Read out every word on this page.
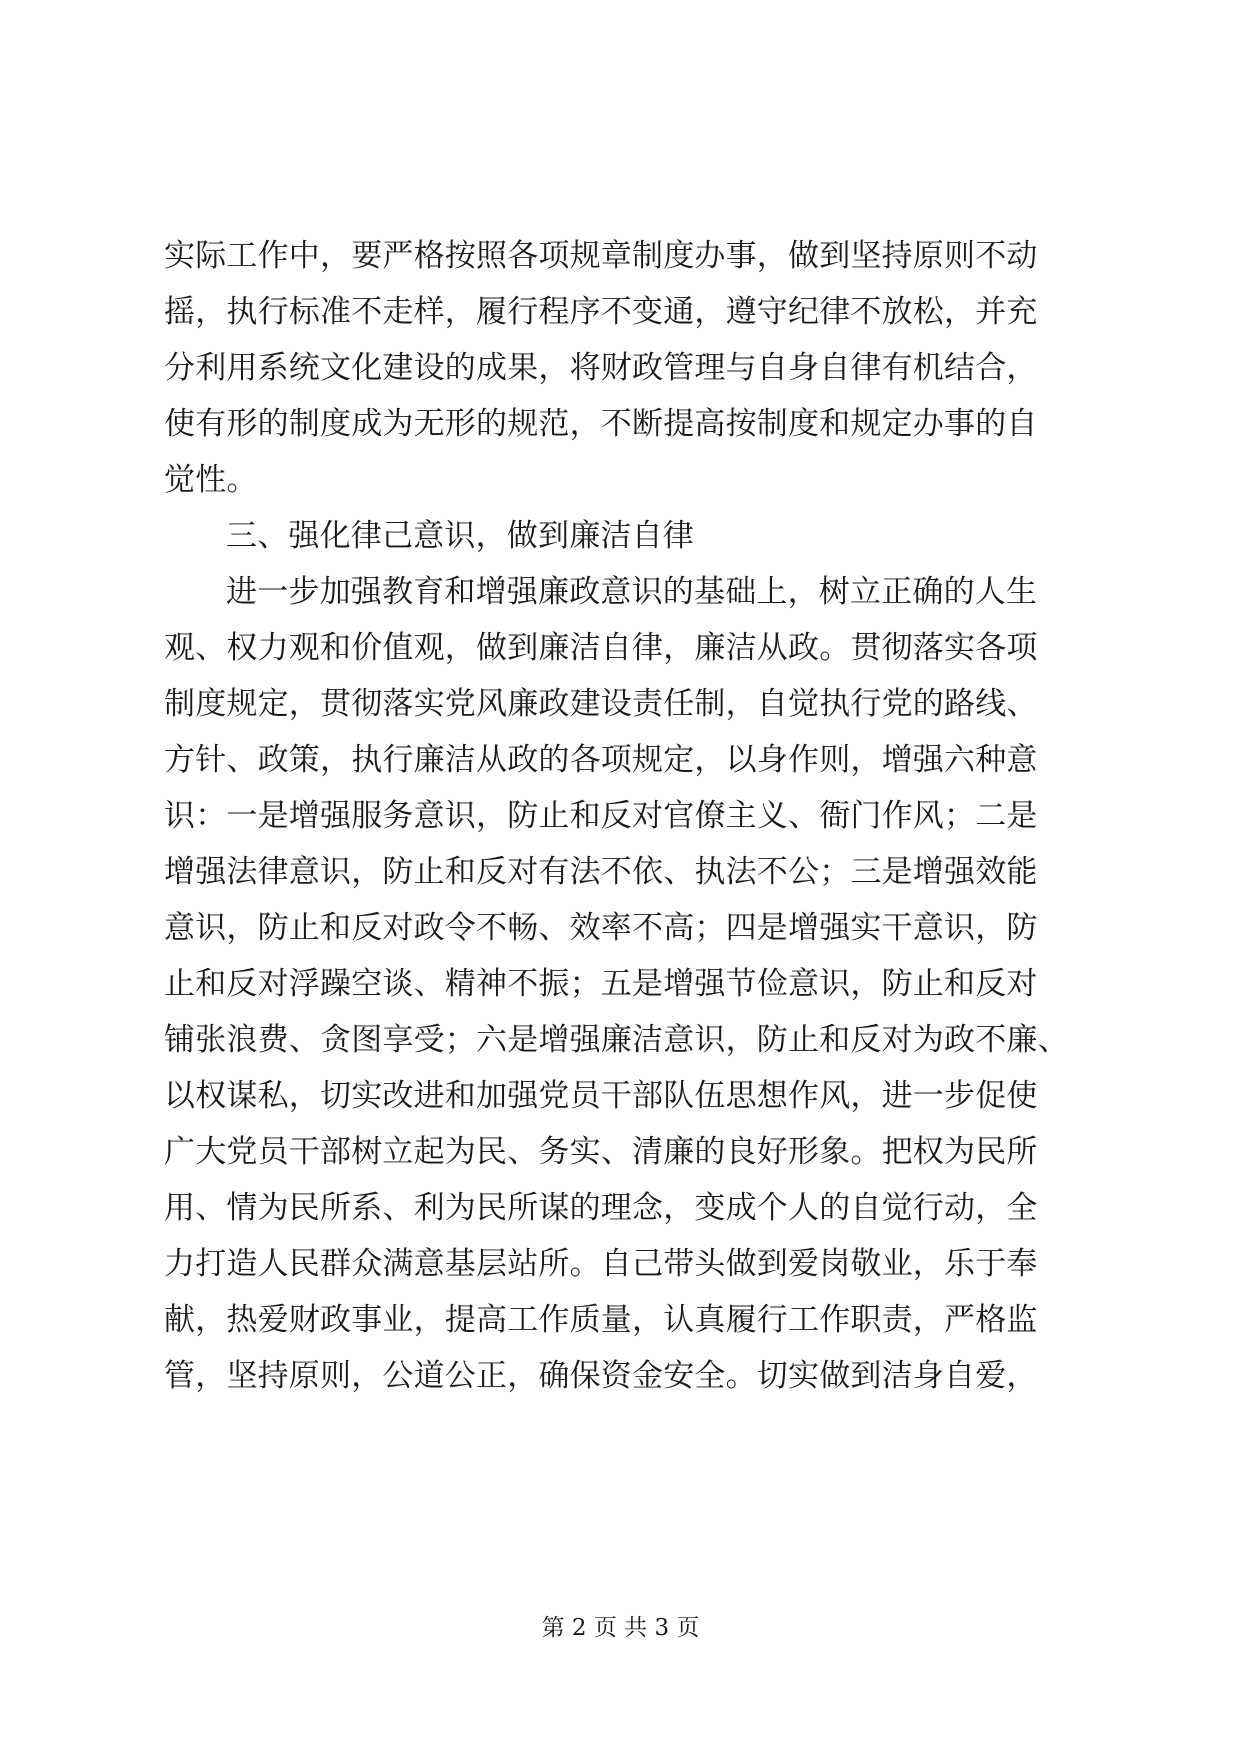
实际工作中，要严格按照各项规章制度办事，做到坚持原则不动
摇，执行标准不走样，履行程序不变通，遵守纪律不放松，并充
分利用系统文化建设的成果，将财政管理与自身自律有机结合，
使有形的制度成为无形的规范，不断提高按制度和规定办事的自
觉性。
三、强化律己意识，做到廉洁自律
进一步加强教育和增强廉政意识的基础上，树立正确的人生
观、权力观和价值观，做到廉洁自律，廉洁从政。贯彻落实各项
制度规定，贯彻落实党风廉政建设责任制，自觉执行党的路线、
方针、政策，执行廉洁从政的各项规定，以身作则，增强六种意
识：一是增强服务意识，防止和反对官僚主义、衙门作风；二是
增强法律意识，防止和反对有法不依、执法不公；三是增强效能
意识，防止和反对政令不畅、效率不高；四是增强实干意识，防
止和反对浮躁空谈、精神不振；五是增强节俭意识，防止和反对
铺张浪费、贪图享受；六是增强廉洁意识，防止和反对为政不廉、
以权谋私，切实改进和加强党员干部队伍思想作风，进一步促使
广大党员干部树立起为民、务实、清廉的良好形象。把权为民所
用、情为民所系、利为民所谋的理念，变成个人的自觉行动，全
力打造人民群众满意基层站所。自己带头做到爱岗敬业，乐于奉
献，热爱财政事业，提高工作质量，认真履行工作职责，严格监
管，坚持原则，公道公正，确保资金安全。切实做到洁身自爱，
第 2 页 共 3 页
